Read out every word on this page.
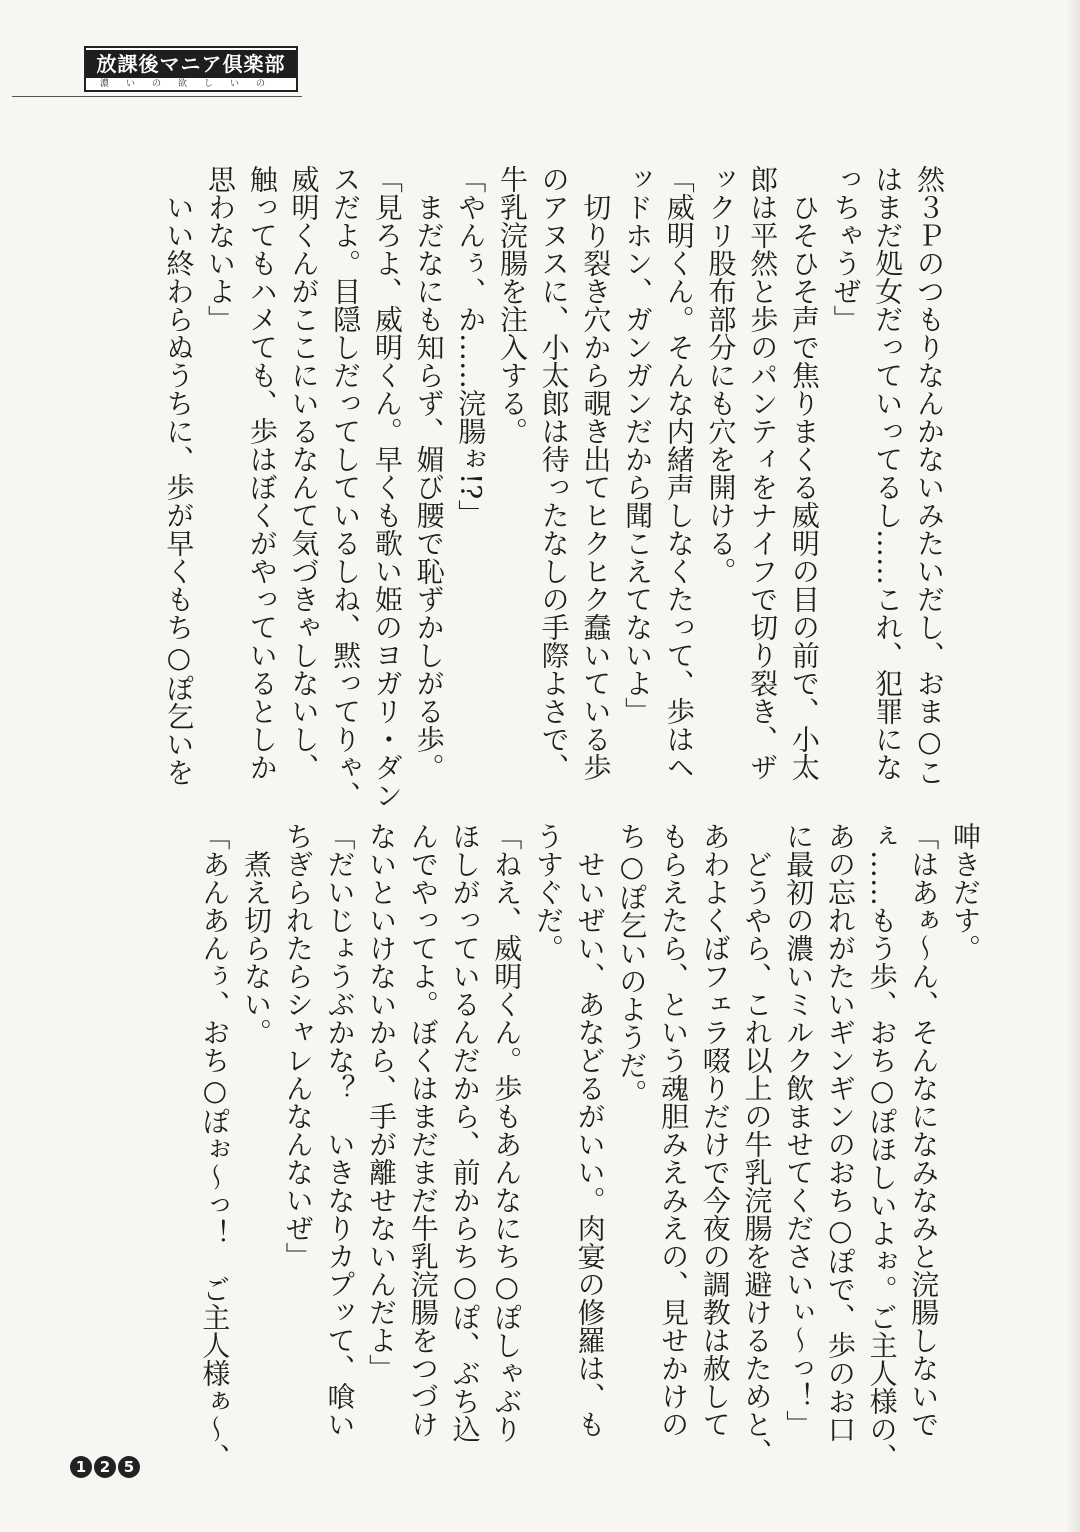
放課後マニア倶楽部
濃いの欲しいの
然３Ｐのつもりなんかないみたいだし、おま○こ
はまだ処女だっていってるし……これ、犯罪にな
っちゃうぜ」
　ひそひそ声で焦りまくる威明の目の前で、小太
郎は平然と歩のパンティをナイフで切り裂き、ザ
ックリ股布部分にも穴を開ける。
「威明くん。そんな内緒声しなくたって、歩はヘ
ッドホン、ガンガンだから聞こえてないよ」
　切り裂き穴から覗き出てヒクヒク蠢いている歩
のアヌスに、小太郎は待ったなしの手際よさで、
牛乳浣腸を注入する。
「やんぅ、か……浣腸ぉ!?」
　まだなにも知らず、媚び腰で恥ずかしがる歩。
「見ろよ、威明くん。早くも歌い姫のヨガリ・ダン
スだよ。目隠しだってしているしね、黙ってりゃ、
威明くんがここにいるなんて気づきゃしないし、
触ってもハメても、歩はぼくがやっているとしか
思わないよ」
　いい終わらぬうちに、歩が早くもち○ぽ乞いを
呻きだす。
「はあぁ～ん、そんなになみなみと浣腸しないで
ぇ……もう歩、おち○ぽほしいよぉ。ご主人様の、
あの忘れがたいギンギンのおち○ぽで、歩のお口
に最初の濃いミルク飲ませてくださいぃ～っ！」
　どうやら、これ以上の牛乳浣腸を避けるためと、
あわよくばフェラ啜りだけで今夜の調教は赦して
もらえたら、という魂胆みえみえの、見せかけの
ち○ぽ乞いのようだ。
　せいぜい、あなどるがいい。肉宴の修羅は、も
うすぐだ。
「ねえ、威明くん。歩もあんなにち○ぽしゃぶり
ほしがっているんだから、前からち○ぽ、ぶち込
んでやってよ。ぼくはまだまだ牛乳浣腸をつづけ
ないといけないから、手が離せないんだよ」
「だいじょうぶかな？　いきなりカプッて、喰い
ちぎられたらシャレんなんないぜ」
　煮え切らない。
「あんあんぅ、おち○ぽぉ～っ！　ご主人様ぁ～、
1 2 5
